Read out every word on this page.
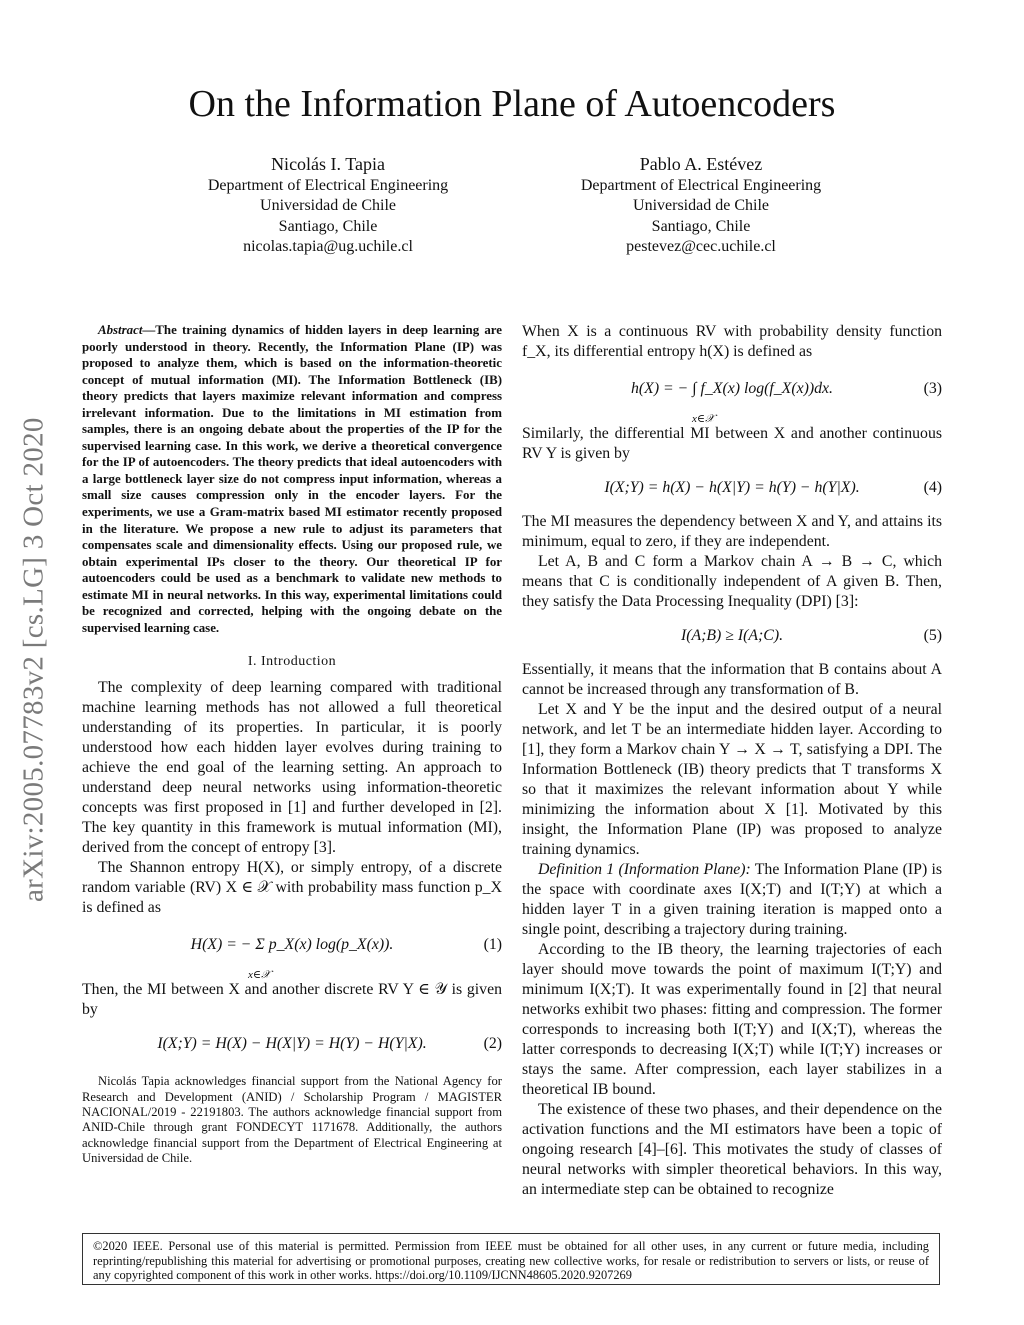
arXiv:2005.07783v2 [cs.LG] 3 Oct 2020
On the Information Plane of Autoencoders
Nicolás I. Tapia
Department of Electrical Engineering
Universidad de Chile
Santiago, Chile
nicolas.tapia@ug.uchile.cl
Pablo A. Estévez
Department of Electrical Engineering
Universidad de Chile
Santiago, Chile
pestevez@cec.uchile.cl

Abstract—The training dynamics of hidden layers in deep learning are poorly understood in theory. Recently, the Information Plane (IP) was proposed to analyze them, which is based on the information-theoretic concept of mutual information (MI). The Information Bottleneck (IB) theory predicts that layers maximize relevant information and compress irrelevant information. Due to the limitations in MI estimation from samples, there is an ongoing debate about the properties of the IP for the supervised learning case. In this work, we derive a theoretical convergence for the IP of autoencoders. The theory predicts that ideal autoencoders with a large bottleneck layer size do not compress input information, whereas a small size causes compression only in the encoder layers. For the experiments, we use a Gram-matrix based MI estimator recently proposed in the literature. We propose a new rule to adjust its parameters that compensates scale and dimensionality effects. Using our proposed rule, we obtain experimental IPs closer to the theory. Our theoretical IP for autoencoders could be used as a benchmark to validate new methods to estimate MI in neural networks. In this way, experimental limitations could be recognized and corrected, helping with the ongoing debate on the supervised learning case.

I. Introduction

The complexity of deep learning compared with traditional machine learning methods has not allowed a full theoretical understanding of its properties. In particular, it is poorly understood how each hidden layer evolves during training to achieve the end goal of the learning setting. An approach to understand deep neural networks using information-theoretic concepts was first proposed in [1] and further developed in [2]. The key quantity in this framework is mutual information (MI), derived from the concept of entropy [3].

The Shannon entropy H(X), or simply entropy, of a discrete random variable (RV) X ∈ 𝒳 with probability mass function p_X is defined as

H(X) = − Σ p_X(x) log(p_X(x)).
x∈𝒳
(1)

Then, the MI between X and another discrete RV Y ∈ 𝒴 is given by

I(X;Y) = H(X) − H(X|Y) = H(Y) − H(Y|X).	(2)

Nicolás Tapia acknowledges financial support from the National Agency for Research and Development (ANID) / Scholarship Program / MAGISTER NACIONAL/2019 - 22191803. The authors acknowledge financial support from ANID-Chile through grant FONDECYT 1171678. Additionally, the authors acknowledge financial support from the Department of Electrical Engineering at Universidad de Chile.

When X is a continuous RV with probability density function f_X, its differential entropy h(X) is defined as

h(X) = − ∫ f_X(x) log(f_X(x))dx.
x∈𝒳
(3)

Similarly, the differential MI between X and another continuous RV Y is given by

I(X;Y) = h(X) − h(X|Y) = h(Y) − h(Y|X).	(4)

The MI measures the dependency between X and Y, and attains its minimum, equal to zero, if they are independent.

Let A, B and C form a Markov chain A → B → C, which means that C is conditionally independent of A given B. Then, they satisfy the Data Processing Inequality (DPI) [3]:

I(A;B) ≥ I(A;C).	(5)

Essentially, it means that the information that B contains about A cannot be increased through any transformation of B.

Let X and Y be the input and the desired output of a neural network, and let T be an intermediate hidden layer. According to [1], they form a Markov chain Y → X → T, satisfying a DPI. The Information Bottleneck (IB) theory predicts that T transforms X so that it maximizes the relevant information about Y while minimizing the information about X [1]. Motivated by this insight, the Information Plane (IP) was proposed to analyze training dynamics.

Definition 1 (Information Plane): The Information Plane (IP) is the space with coordinate axes I(X;T) and I(T;Y) at which a hidden layer T in a given training iteration is mapped onto a single point, describing a trajectory during training.

According to the IB theory, the learning trajectories of each layer should move towards the point of maximum I(T;Y) and minimum I(X;T). It was experimentally found in [2] that neural networks exhibit two phases: fitting and compression. The former corresponds to increasing both I(T;Y) and I(X;T), whereas the latter corresponds to decreasing I(X;T) while I(T;Y) increases or stays the same. After compression, each layer stabilizes in a theoretical IB bound.

The existence of these two phases, and their dependence on the activation functions and the MI estimators have been a topic of ongoing research [4]–[6]. This motivates the study of classes of neural networks with simpler theoretical behaviors. In this way, an intermediate step can be obtained to recognize

©2020 IEEE. Personal use of this material is permitted. Permission from IEEE must be obtained for all other uses, in any current or future media, including reprinting/republishing this material for advertising or promotional purposes, creating new collective works, for resale or redistribution to servers or lists, or reuse of any copyrighted component of this work in other works. https://doi.org/10.1109/IJCNN48605.2020.9207269
